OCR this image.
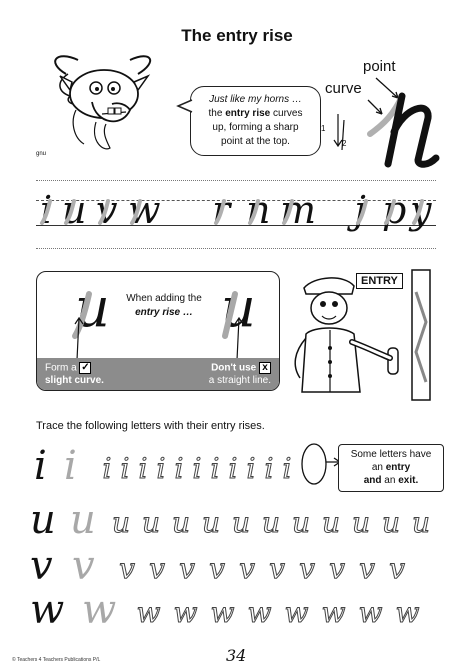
The entry rise
gnu
Just like my horns …
the entry rise curves
up, forming a sharp
point at the top.
point
curve
1
2
i u v w r n m j p y
u u
When adding the
entry rise …
Form a ✓
slight curve.
Don't use x
a straight line.
ENTRY
Trace the following letters with their entry rises.
Some letters have
an entry
and an exit.
i i i i i i i i i i i i i
u u u u u u u u u u u u u
v v v v v v v v v v v v
w w w w w w w w w w
© Teachers 4 Teachers Publications P/L	34
